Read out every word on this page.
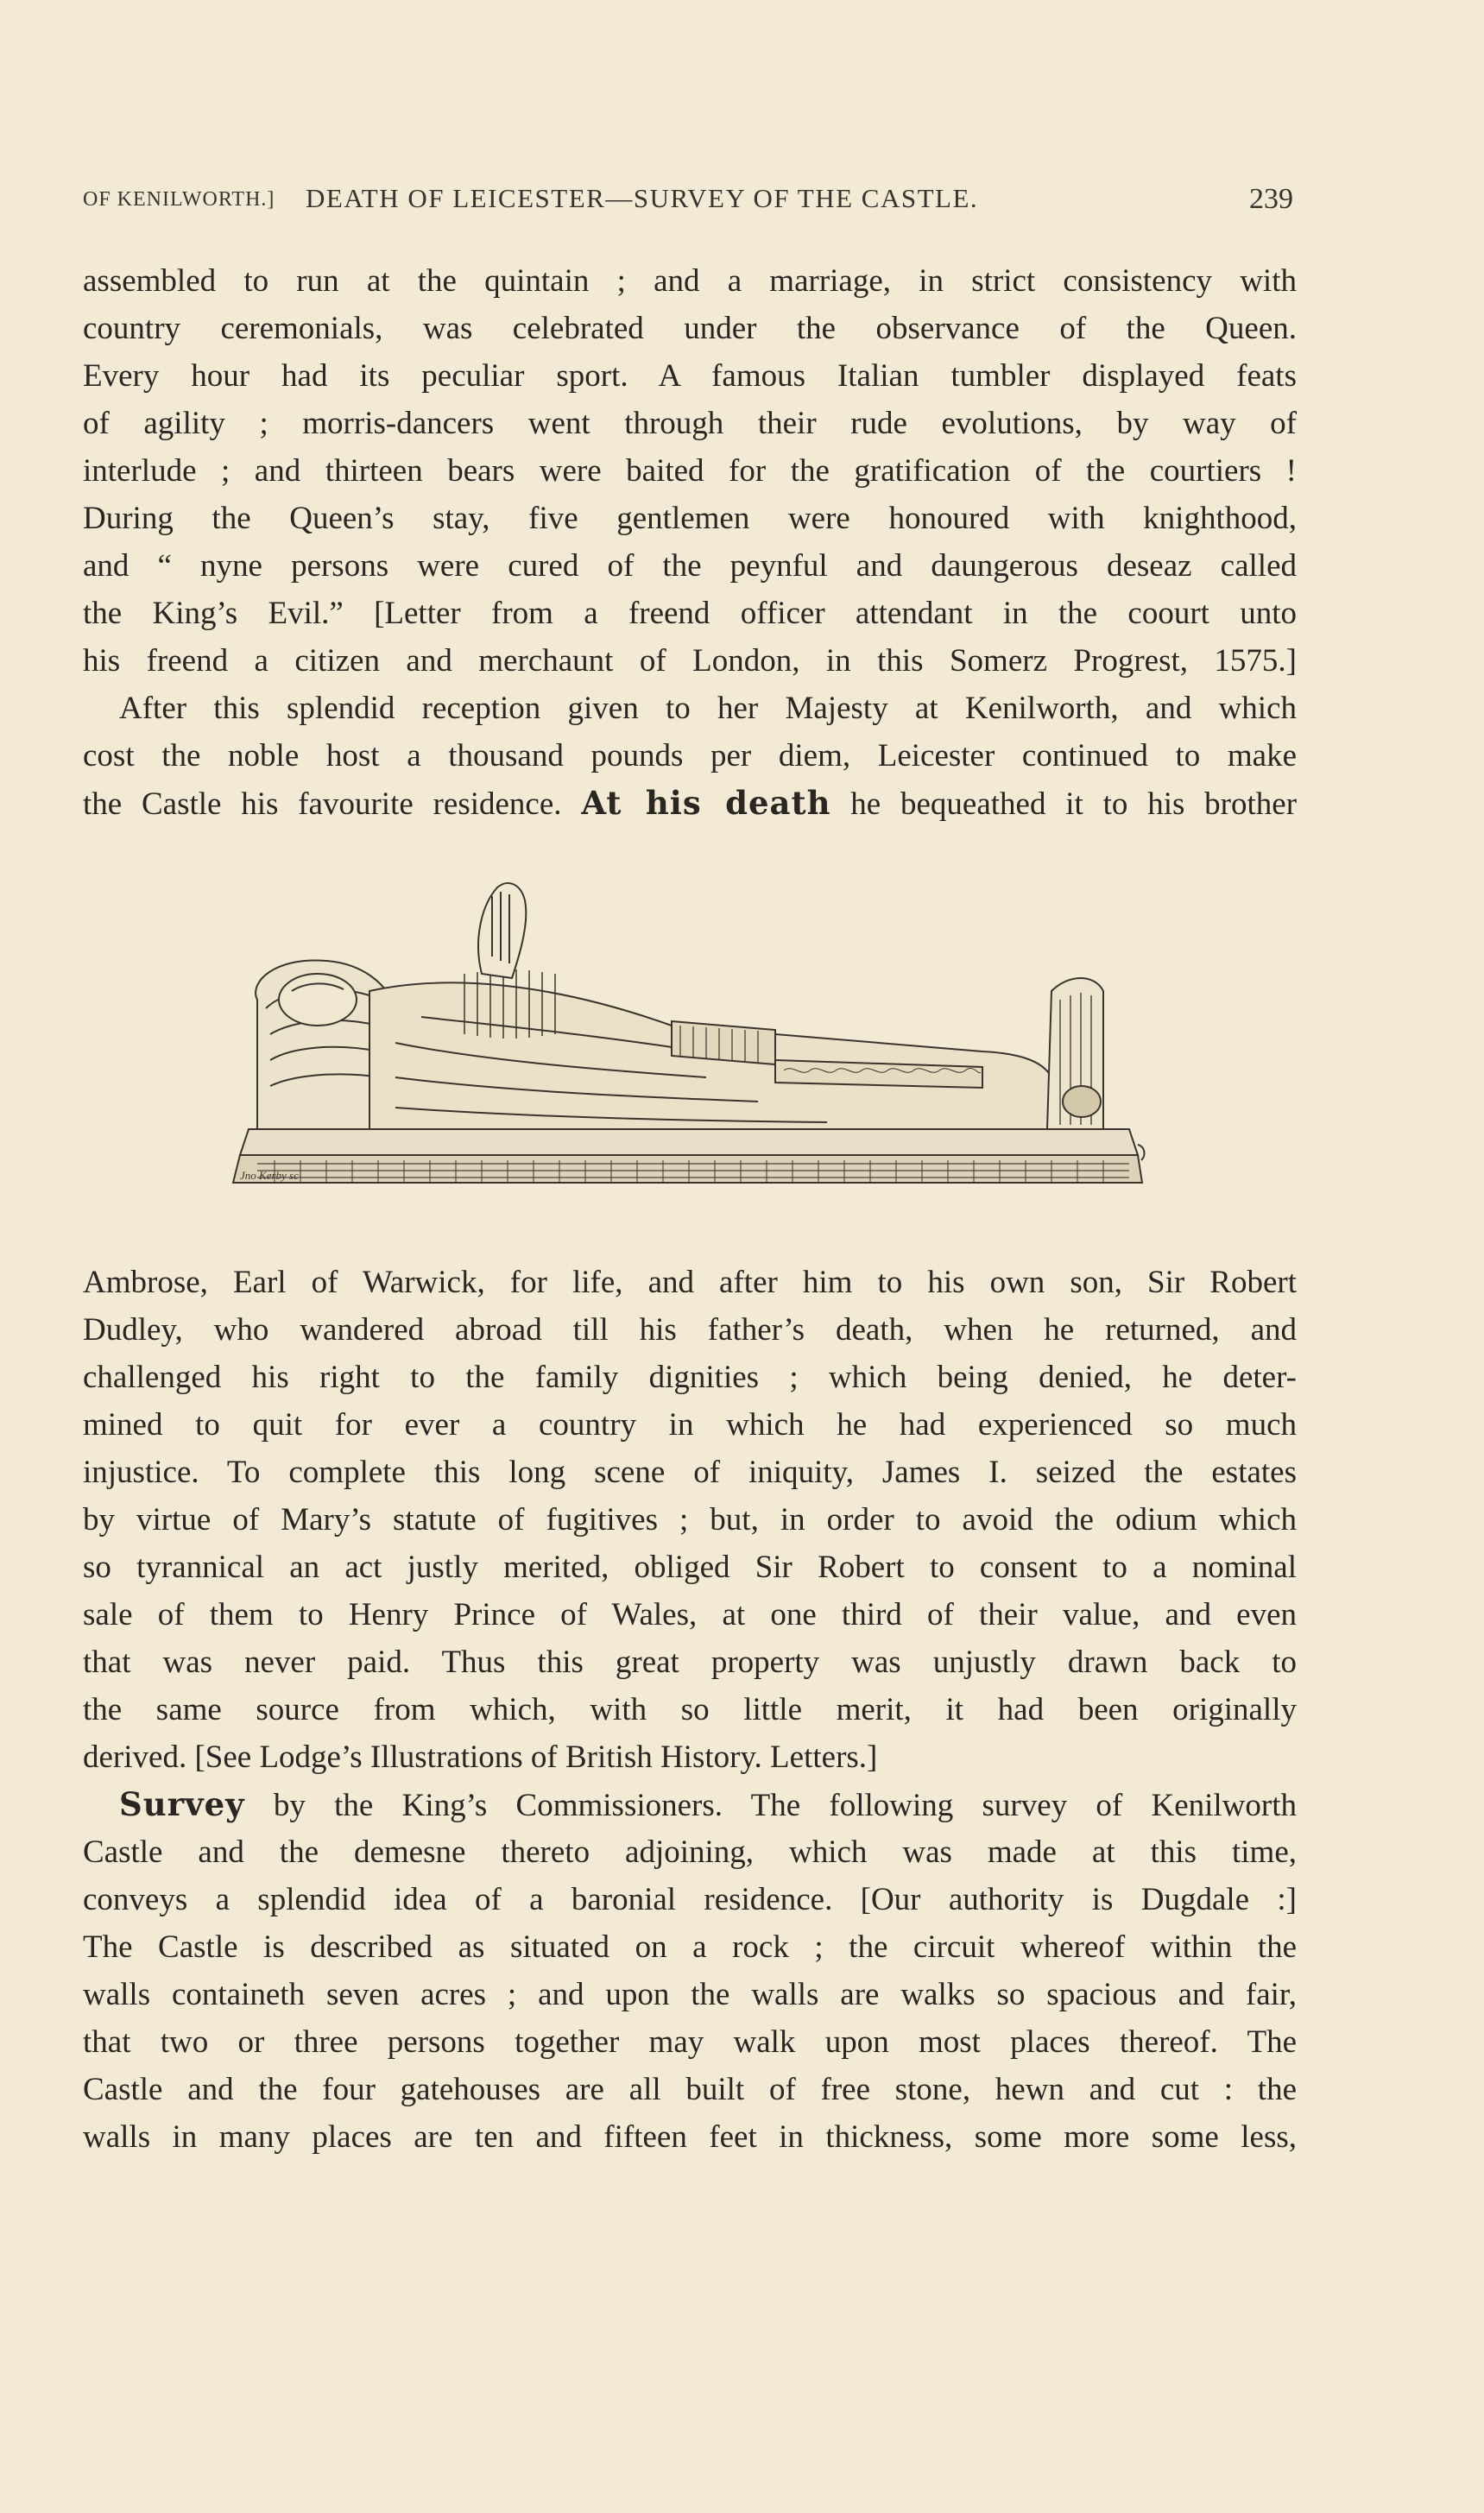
OF KENILWORTH.] DEATH OF LEICESTER—SURVEY OF THE CASTLE.	239
assembled to run at the quintain ; and a marriage, in strict consistency with
country ceremonials, was celebrated under the observance of the Queen.
Every hour had its peculiar sport. A famous Italian tumbler displayed feats
of agility ; morris-dancers went through their rude evolutions, by way of
interlude ; and thirteen bears were baited for the gratification of the courtiers !
During the Queen’s stay, five gentlemen were honoured with knighthood,
and “ nyne persons were cured of the peynful and daungerous deseaz called
the King’s Evil.” [Letter from a freend officer attendant in the coourt unto
his freend a citizen and merchaunt of London, in this Somerz Progrest, 1575.]
After this splendid reception given to her Majesty at Kenilworth, and which
cost the noble host a thousand pounds per diem, Leicester continued to make
the Castle his favourite residence. At his death he bequeathed it to his brother
Jno Kerby sc
Ambrose, Earl of Warwick, for life, and after him to his own son, Sir Robert
Dudley, who wandered abroad till his father’s death, when he returned, and
challenged his right to the family dignities ; which being denied, he deter-
mined to quit for ever a country in which he had experienced so much
injustice. To complete this long scene of iniquity, James I. seized the estates
by virtue of Mary’s statute of fugitives ; but, in order to avoid the odium which
so tyrannical an act justly merited, obliged Sir Robert to consent to a nominal
sale of them to Henry Prince of Wales, at one third of their value, and even
that was never paid. Thus this great property was unjustly drawn back to
the same source from which, with so little merit, it had been originally
derived. [See Lodge’s Illustrations of British History. Letters.]
Survey by the King’s Commissioners. The following survey of Kenilworth
Castle and the demesne thereto adjoining, which was made at this time,
conveys a splendid idea of a baronial residence. [Our authority is Dugdale :]
The Castle is described as situated on a rock ; the circuit whereof within the
walls containeth seven acres ; and upon the walls are walks so spacious and fair,
that two or three persons together may walk upon most places thereof. The
Castle and the four gatehouses are all built of free stone, hewn and cut : the
walls in many places are ten and fifteen feet in thickness, some more some less,
